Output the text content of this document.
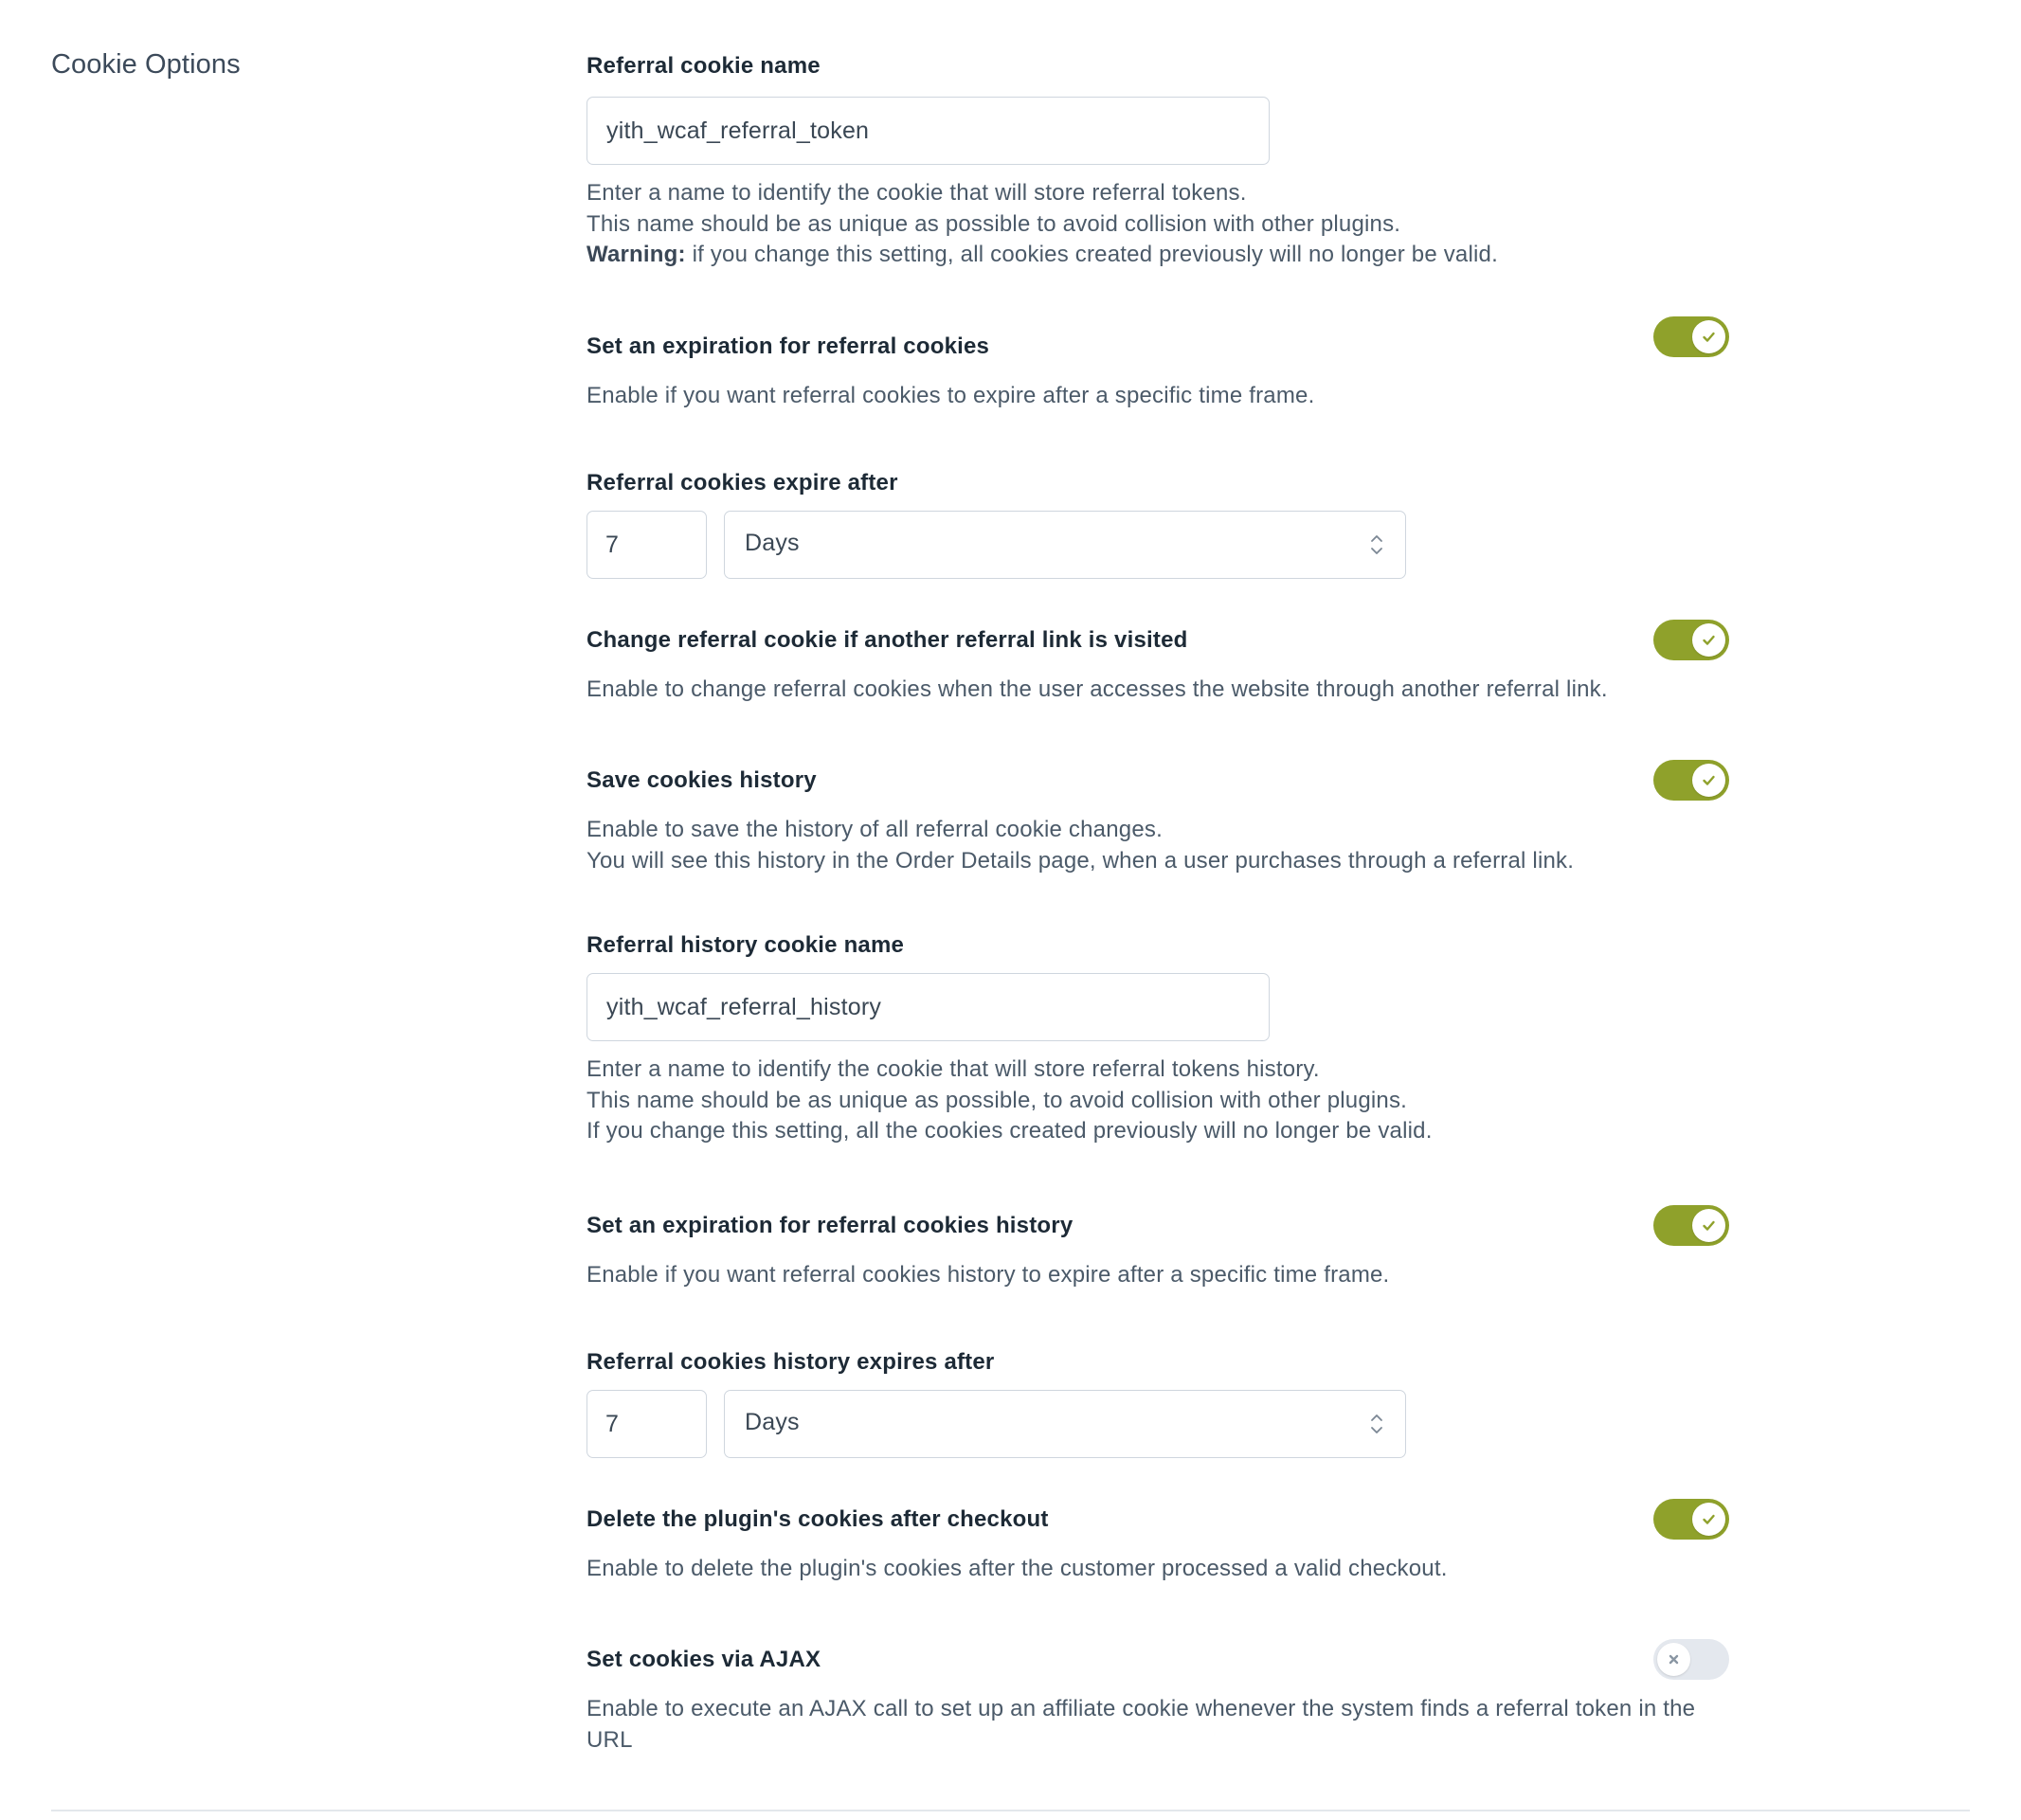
Cookie Options	Referral cookie name

yith_wcaf_referral_token

Enter a name to identify the cookie that will store referral tokens.

This name should be as unique as possible to avoid collision with other plugins.

Warning: if you change this setting, all cookies created previously will no longer be valid.

Set an expiration for referral cookies

Enable if you want referral cookies to expire after a specific time frame.

Referral cookies expire after

7
Days

Change referral cookie if another referral link is visited

Enable to change referral cookies when the user accesses the website through another referral link.

Save cookies history

Enable to save the history of all referral cookie changes.

You will see this history in the Order Details page, when a user purchases through a referral link.

Referral history cookie name

yith_wcaf_referral_history

Enter a name to identify the cookie that will store referral tokens history.

This name should be as unique as possible, to avoid collision with other plugins.

If you change this setting, all the cookies created previously will no longer be valid.

Set an expiration for referral cookies history

Enable if you want referral cookies history to expire after a specific time frame.

Referral cookies history expires after

7
Days

Delete the plugin's cookies after checkout

Enable to delete the plugin's cookies after the customer processed a valid checkout.

Set cookies via AJAX

Enable to execute an AJAX call to set up an affiliate cookie whenever the system finds a referral token in the

URL
